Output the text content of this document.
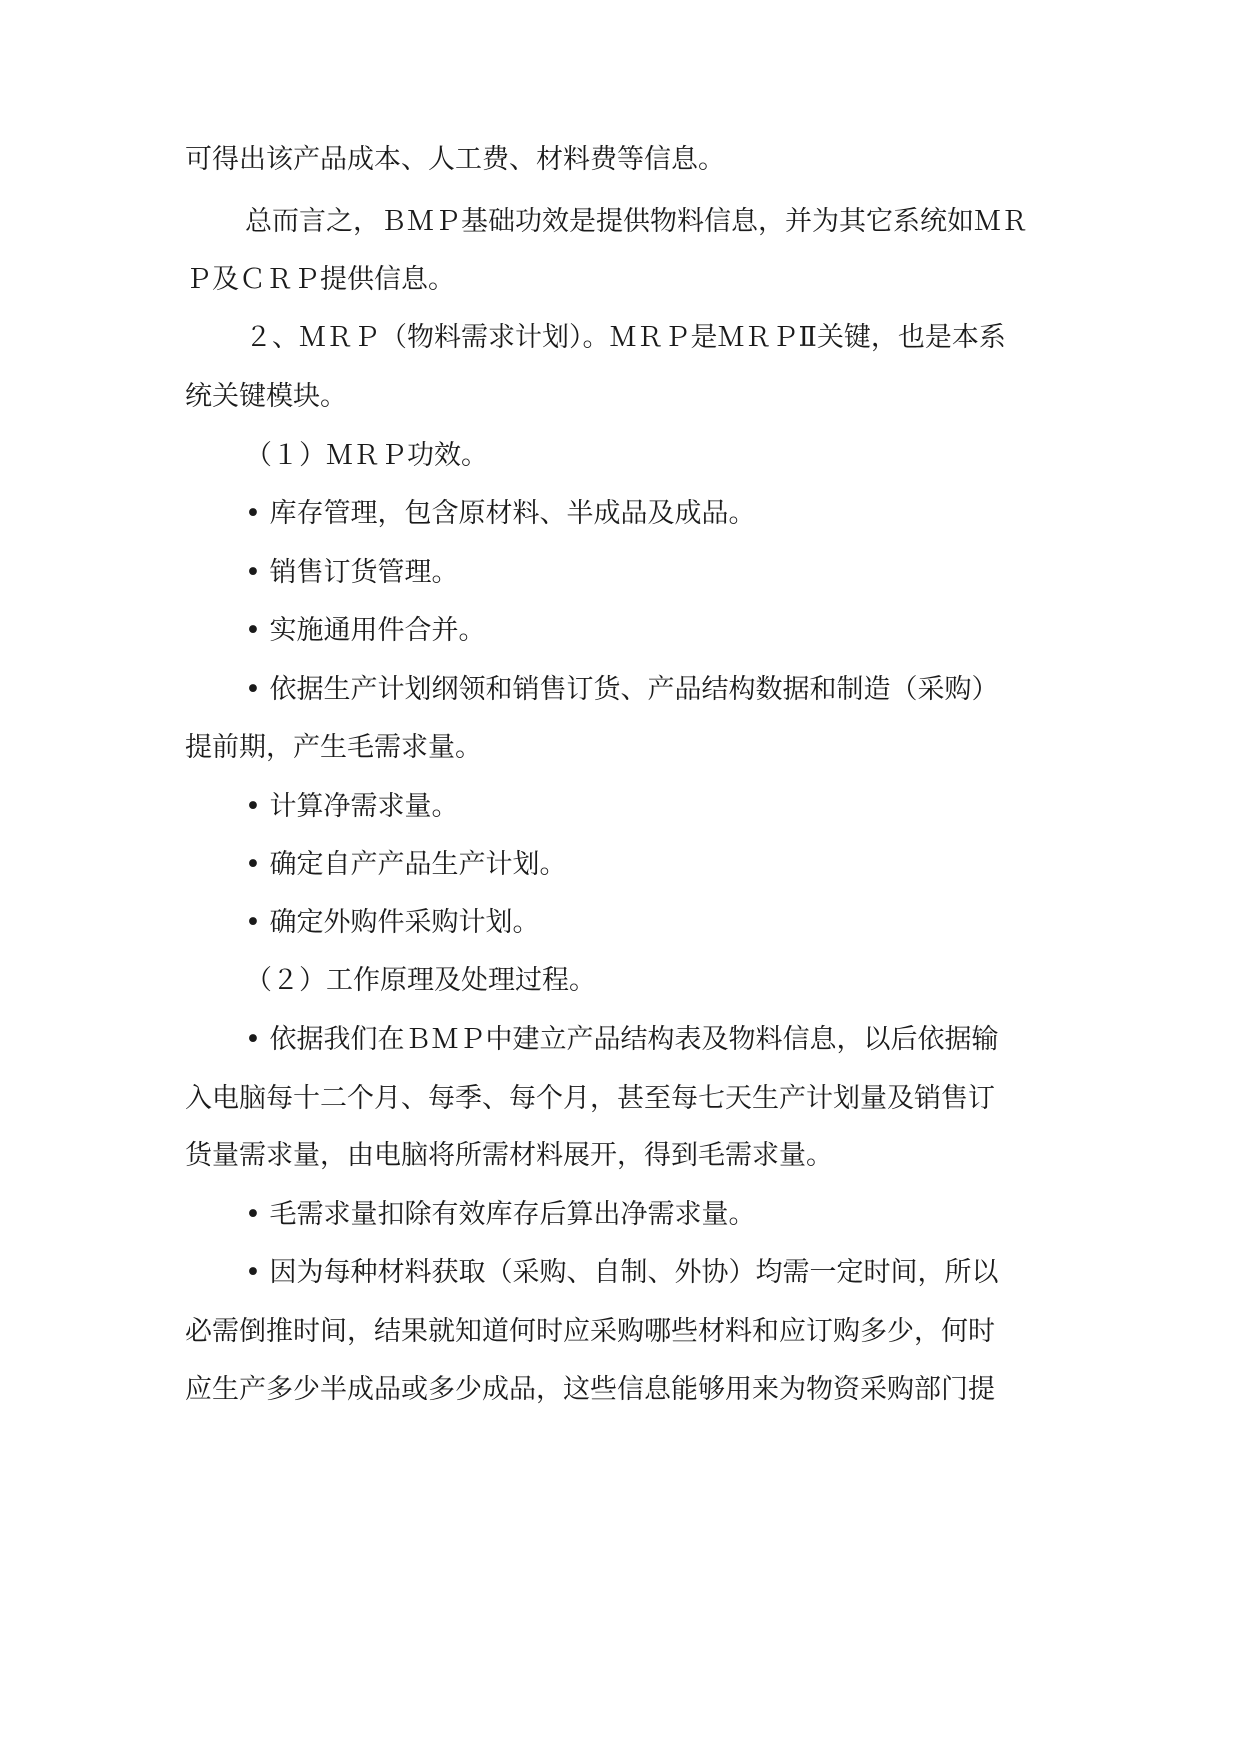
可得出该产品成本、人工费、材料费等信息。
总而言之，ＢＭＰ基础功效是提供物料信息，并为其它系统如ＭＲ
Ｐ及ＣＲＰ提供信息。
２、ＭＲＰ（物料需求计划）。ＭＲＰ是ＭＲＰⅡ关键，也是本系
统关键模块。
（１）ＭＲＰ功效。
• 库存管理，包含原材料、半成品及成品。
• 销售订货管理。
• 实施通用件合并。
• 依据生产计划纲领和销售订货、产品结构数据和制造（采购）
提前期，产生毛需求量。
• 计算净需求量。
• 确定自产产品生产计划。
• 确定外购件采购计划。
（２）工作原理及处理过程。
• 依据我们在ＢＭＰ中建立产品结构表及物料信息，以后依据输
入电脑每十二个月、每季、每个月，甚至每七天生产计划量及销售订
货量需求量，由电脑将所需材料展开，得到毛需求量。
• 毛需求量扣除有效库存后算出净需求量。
• 因为每种材料获取（采购、自制、外协）均需一定时间，所以
必需倒推时间，结果就知道何时应采购哪些材料和应订购多少，何时
应生产多少半成品或多少成品，这些信息能够用来为物资采购部门提
